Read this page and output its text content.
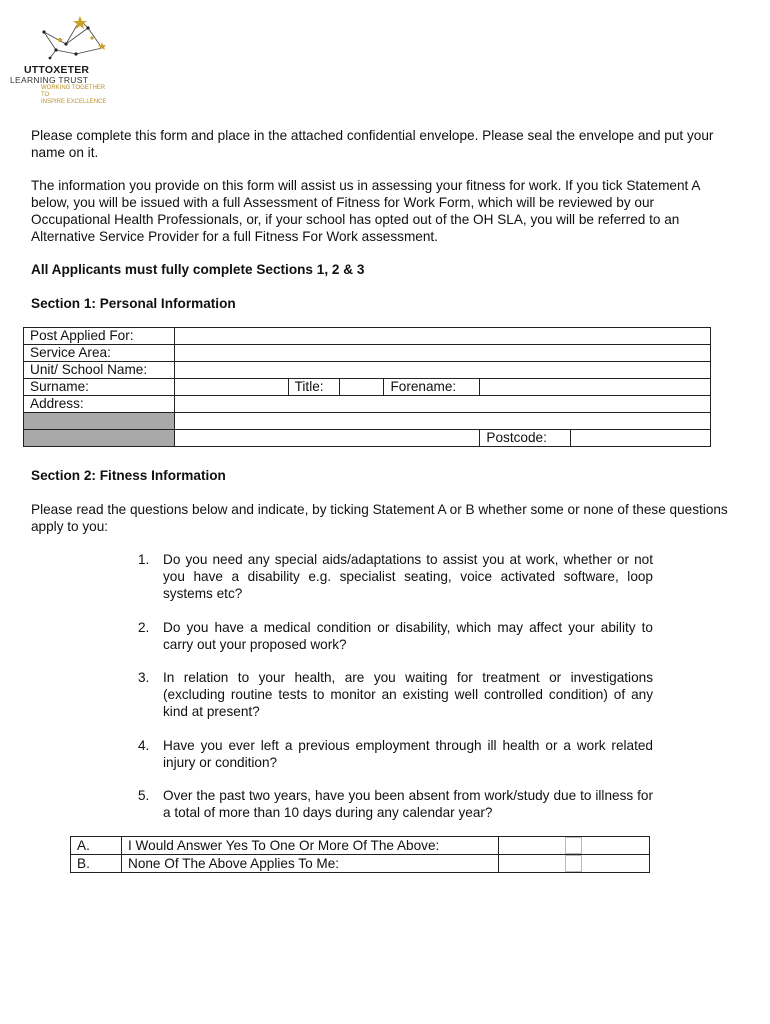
UTTOXETER
LEARNING TRUST
WORKING TOGETHER TO
INSPIRE EXCELLENCE

Please complete this form and place in the attached confidential envelope. Please seal the envelope and put your name on it.

The information you provide on this form will assist us in assessing your fitness for work. If you tick Statement A below, you will be issued with a full Assessment of Fitness for Work Form, which will be reviewed by our Occupational Health Professionals, or, if your school has opted out of the OH SLA, you will be referred to an Alternative Service Provider for a full Fitness For Work assessment.

All Applicants must fully complete Sections 1, 2 & 3

Section 1: Personal Information

Post Applied For:						
Service Area:						
Unit/ School Name:						
Surname:		Title:		Forename:		
Address:						

					Postcode:	

Section 2: Fitness Information

Please read the questions below and indicate, by ticking Statement A or B whether some or none of these questions apply to you:

1. Do you need any special aids/adaptations to assist you at work, whether or not you have a disability e.g. specialist seating, voice activated software, loop systems etc?
2. Do you have a medical condition or disability, which may affect your ability to carry out your proposed work?
3. In relation to your health, are you waiting for treatment or investigations (excluding routine tests to monitor an existing well controlled condition) of any kind at present?
4. Have you ever left a previous employment through ill health or a work related injury or condition?
5. Over the past two years, have you been absent from work/study due to illness for a total of more than 10 days during any calendar year?
A.	I Would Answer Yes To One Or More Of The Above:	
B.	None Of The Above Applies To Me:	
